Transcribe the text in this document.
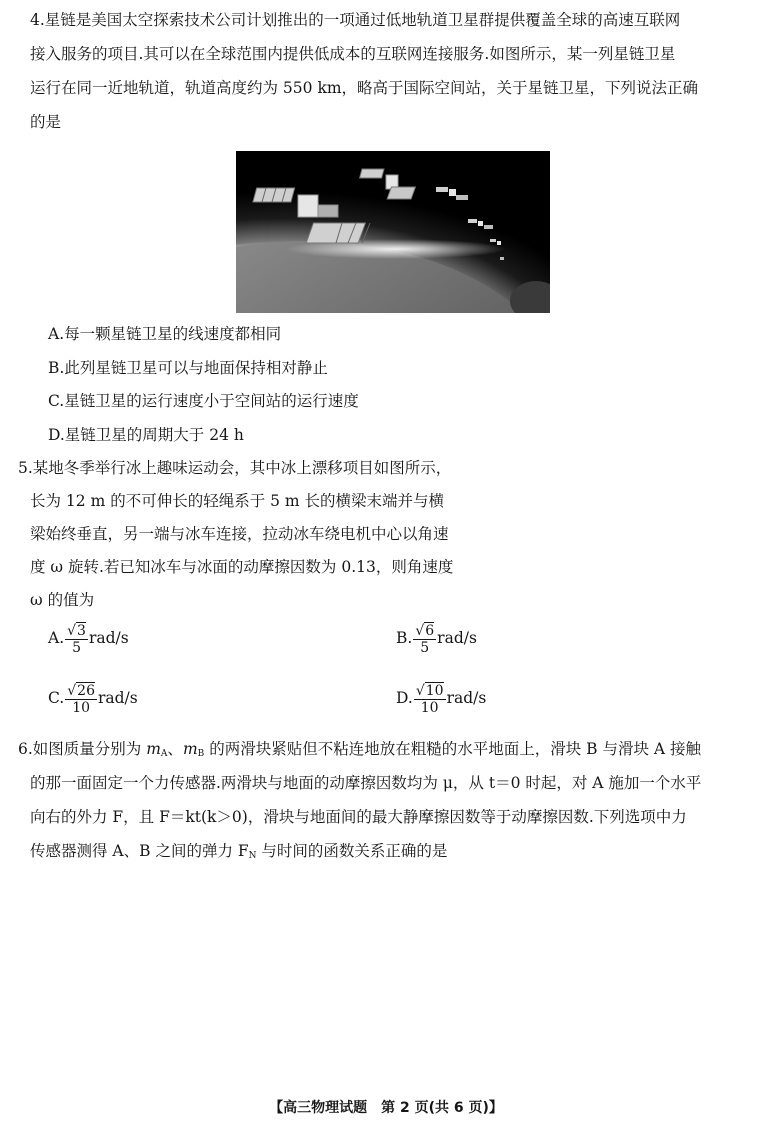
4.星链是美国太空探索技术公司计划推出的一项通过低地轨道卫星群提供覆盖全球的高速互联网
接入服务的项目.其可以在全球范围内提供低成本的互联网连接服务.如图所示，某一列星链卫星
运行在同一近地轨道，轨道高度约为 550 km，略高于国际空间站，关于星链卫星，下列说法正确
的是
A.每一颗星链卫星的线速度都相同
B.此列星链卫星可以与地面保持相对静止
C.星链卫星的运行速度小于空间站的运行速度
D.星链卫星的周期大于 24 h
5.某地冬季举行冰上趣味运动会，其中冰上漂移项目如图所示，
长为 12 m 的不可伸长的轻绳系于 5 m 长的横梁末端并与横
梁始终垂直，另一端与冰车连接，拉动冰车绕电机中心以角速
度 ω 旋转.若已知冰车与冰面的动摩擦因数为 0.13，则角速度
ω 的值为
A. $\frac{√3}{5} rad/s$	B. $\frac{√6}{5} rad/s$
C. $\frac{√26}{10} rad/s$	D. $\frac{√10}{10} rad/s$
6.如图质量分别为 $m_A$、$m_B$ 的两滑块紧贴但不粘连地放在粗糙的水平地面上，滑块 B 与滑块 A 接触
的那一面固定一个力传感器.两滑块与地面的动摩擦因数均为 μ，从 t＝0 时起，对 A 施加一个水平
向右的外力 F，且 F＝kt(k＞0)，滑块与地面间的最大静摩擦因数等于动摩擦因数.下列选项中力
传感器测得 A、B 之间的弹力 $F_N$ 与时间的函数关系正确的是
【高三物理试题　第 2 页(共 6 页)】
